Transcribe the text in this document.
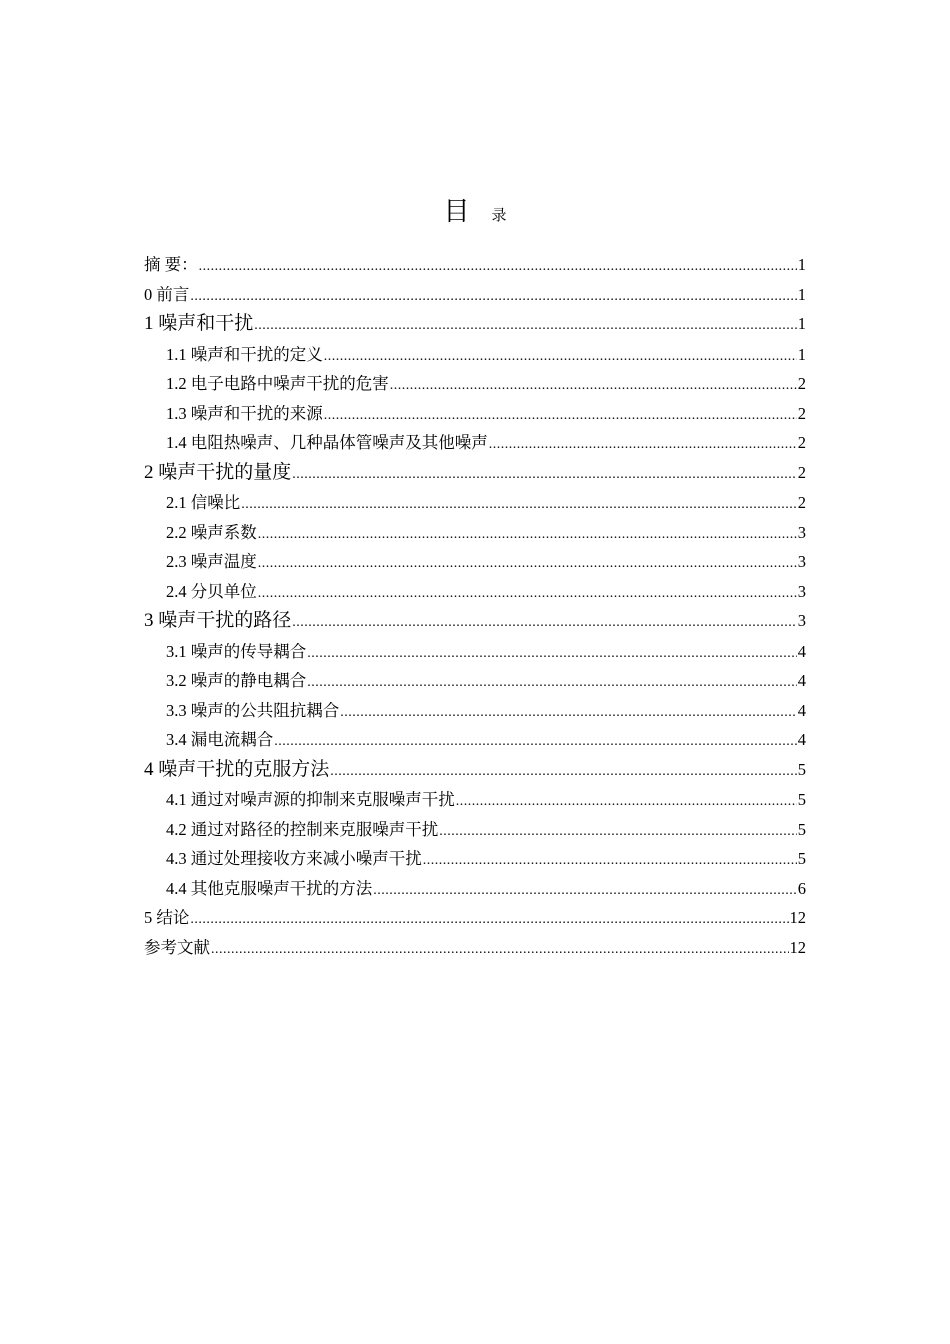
目 录
摘 要： .....	1
0 前言 .....	1
1 噪声和干扰 .....	1
1.1 噪声和干扰的定义 .....	1
1.2 电子电路中噪声干扰的危害 .....	2
1.3 噪声和干扰的来源 .....	2
1.4 电阻热噪声、几种晶体管噪声及其他噪声 .....	2
2 噪声干扰的量度 .....	2
2.1 信噪比 .....	2
2.2 噪声系数 .....	3
2.3 噪声温度 .....	3
2.4 分贝单位 .....	3
3 噪声干扰的路径 .....	3
3.1 噪声的传导耦合 .....	4
3.2 噪声的静电耦合 .....	4
3.3 噪声的公共阻抗耦合 .....	4
3.4 漏电流耦合 .....	4
4 噪声干扰的克服方法 .....	5
4.1 通过对噪声源的抑制来克服噪声干扰 .....	5
4.2 通过对路径的控制来克服噪声干扰 .....	5
4.3 通过处理接收方来减小噪声干扰 .....	5
4.4 其他克服噪声干扰的方法 .....	6
5 结论 .....	12
参考文献 .....	12
